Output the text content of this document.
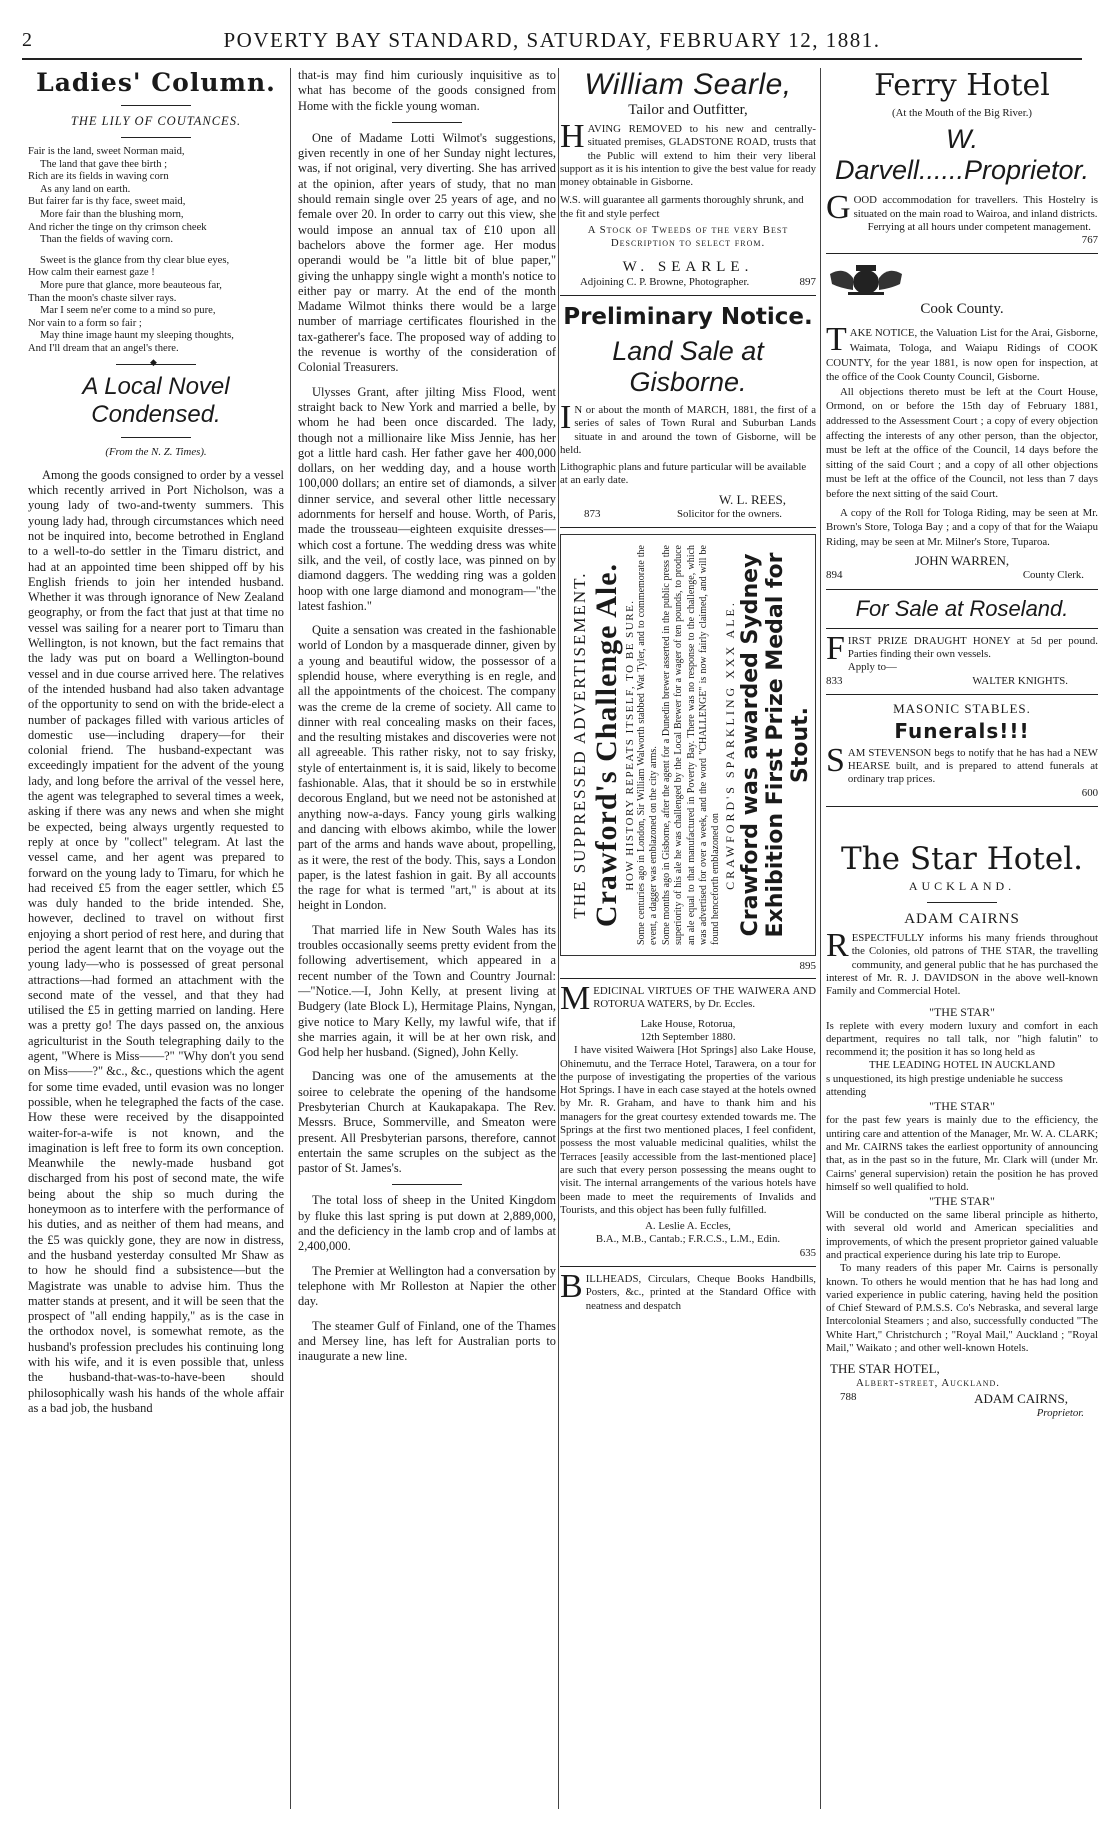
2	POVERTY BAY STANDARD, SATURDAY, FEBRUARY 12, 1881.
Ladies' Column.
THE LILY OF COUTANCES.

Fair is the land, sweet Norman maid,

The land that gave thee birth ;

Rich are its fields in waving corn

As any land on earth.

But fairer far is thy face, sweet maid,

More fair than the blushing morn,

And richer the tinge on thy crimson cheek

Than the fields of waving corn.

Sweet is the glance from thy clear blue eyes,

How calm their earnest gaze !

More pure that glance, more beauteous far,

Than the moon's chaste silver rays.

Mar I seem ne'er come to a mind so pure,

Nor vain to a form so fair ;

May thine image haunt my sleeping thoughts,

And I'll dream that an angel's there.

◆
A Local Novel Condensed.

(From the N. Z. Times).

Among the goods consigned to order by a vessel which recently arrived in Port Nicholson, was a young lady of two-and-twenty summers. This young lady had, through circumstances which need not be inquired into, become betrothed in England to a well-to-do settler in the Timaru district, and had at an appointed time been shipped off by his English friends to join her intended husband. Whether it was through ignorance of New Zealand geography, or from the fact that just at that time no vessel was sailing for a nearer port to Timaru than Wellington, is not known, but the fact remains that the lady was put on board a Wellington-bound vessel and in due course arrived here. The relatives of the intended husband had also taken advantage of the opportunity to send on with the bride-elect a number of packages filled with various articles of domestic use—including drapery—for their colonial friend. The husband-expectant was exceedingly impatient for the advent of the young lady, and long before the arrival of the vessel here, the agent was telegraphed to several times a week, asking if there was any news and when she might be expected, being always urgently requested to reply at once by "collect" telegram. At last the vessel came, and her agent was prepared to forward on the young lady to Timaru, for which he had received £5 from the eager settler, which £5 was duly handed to the bride intended. She, however, declined to travel on without first enjoying a short period of rest here, and during that period the agent learnt that on the voyage out the young lady—who is possessed of great personal attractions—had formed an attachment with the second mate of the vessel, and that they had utilised the £5 in getting married on landing. Here was a pretty go! The days passed on, the anxious agriculturist in the South telegraphing daily to the agent, "Where is Miss——?" "Why don't you send on Miss——?" &c., &c., questions which the agent for some time evaded, until evasion was no longer possible, when he telegraphed the facts of the case. How these were received by the disappointed waiter-for-a-wife is not known, and the imagination is left free to form its own conception. Meanwhile the newly-made husband got discharged from his post of second mate, the wife being about the ship so much during the honeymoon as to interfere with the performance of his duties, and as neither of them had means, and the £5 was quickly gone, they are now in distress, and the husband yesterday consulted Mr Shaw as to how he should find a subsistence—but the Magistrate was unable to advise him. Thus the matter stands at present, and it will be seen that the prospect of "all ending happily," as is the case in the orthodox novel, is somewhat remote, as the husband's profession precludes his continuing long with his wife, and it is even possible that, unless the husband-that-was-to-have-been should philosophically wash his hands of the whole affair as a bad job, the husband

that-is may find him curiously inquisitive as to what has become of the goods consigned from Home with the fickle young woman.

One of Madame Lotti Wilmot's suggestions, given recently in one of her Sunday night lectures, was, if not original, very diverting. She has arrived at the opinion, after years of study, that no man should remain single over 25 years of age, and no female over 20. In order to carry out this view, she would impose an annual tax of £10 upon all bachelors above the former age. Her modus operandi would be "a little bit of blue paper," giving the unhappy single wight a month's notice to either pay or marry. At the end of the month Madame Wilmot thinks there would be a large number of marriage certificates flourished in the tax-gatherer's face. The proposed way of adding to the revenue is worthy of the consideration of Colonial Treasurers.

Ulysses Grant, after jilting Miss Flood, went straight back to New York and married a belle, by whom he had been once discarded. The lady, though not a millionaire like Miss Jennie, has her got a little hard cash. Her father gave her 400,000 dollars, on her wedding day, and a house worth 100,000 dollars; an entire set of diamonds, a silver dinner service, and several other little necessary adornments for herself and house. Worth, of Paris, made the trousseau—eighteen exquisite dresses—which cost a fortune. The wedding dress was white silk, and the veil, of costly lace, was pinned on by diamond daggers. The wedding ring was a golden hoop with one large diamond and monogram—"the latest fashion."

Quite a sensation was created in the fashionable world of London by a masquerade dinner, given by a young and beautiful widow, the possessor of a splendid house, where everything is en regle, and all the appointments of the choicest. The company was the creme de la creme of society. All came to dinner with real concealing masks on their faces, and the resulting mistakes and discoveries were not all agreeable. This rather risky, not to say frisky, style of entertainment is, it is said, likely to become fashionable. Alas, that it should be so in erstwhile decorous England, but we need not be astonished at anything now-a-days. Fancy young girls walking and dancing with elbows akimbo, while the lower part of the arms and hands wave about, propelling, as it were, the rest of the body. This, says a London paper, is the latest fashion in gait. By all accounts the rage for what is termed "art," is about at its height in London.

That married life in New South Wales has its troubles occasionally seems pretty evident from the following advertisement, which appeared in a recent number of the Town and Country Journal:—"Notice.—I, John Kelly, at present living at Budgery (late Block L), Hermitage Plains, Nyngan, give notice to Mary Kelly, my lawful wife, that if she marries again, it will be at her own risk, and God help her husband. (Signed), John Kelly.

Dancing was one of the amusements at the soiree to celebrate the opening of the handsome Presbyterian Church at Kaukapakapa. The Rev. Messrs. Bruce, Sommerville, and Smeaton were present. All Presbyterian parsons, therefore, cannot entertain the same scruples on the subject as the pastor of St. James's.

The total loss of sheep in the United Kingdom by fluke this last spring is put down at 2,889,000, and the deficiency in the lamb crop and of lambs at 2,400,000.

The Premier at Wellington had a conversation by telephone with Mr Rolleston at Napier the other day.

The steamer Gulf of Finland, one of the Thames and Mersey line, has left for Australian ports to inaugurate a new line.

William Searle,

Tailor and Outfitter,

HAVING REMOVED to his new and centrally-situated premises, GLADSTONE ROAD, trusts that the Public will extend to him their very liberal support as it is his intention to give the best value for ready money obtainable in Gisborne.

W.S. will guarantee all garments thoroughly shrunk, and the fit and style perfect

A Stock of Tweeds of the very Best Description to select from.

W. SEARLE.

Adjoining C. P. Browne, Photographer.	897
Preliminary Notice.
Land Sale at Gisborne.

IN or about the month of MARCH, 1881, the first of a series of sales of Town Rural and Suburban Lands situate in and around the town of Gisborne, will be held.

Lithographic plans and future particular will be available at an early date.

W. L. REES,

873	Solicitor for the owners.
THE SUPPRESSED ADVERTISEMENT. Crawford's Challenge Ale. HOW HISTORY REPEATS ITSELF, TO BE SURE. Some centuries ago in London, Sir William Walworth stabbed Wat Tyler, and to commemorate the event, a dagger was emblazoned on the city arms. Some months ago in Gisborne, after the agent for a Dunedin brewer asserted in the public press the superiority of his ale he was challenged by the Local Brewer for a wager of ten pounds, to produce an ale equal to that manufactured in Poverty Bay. There was no response to the challenge, which was advertised for over a week, and the word "CHALLENGE" is now fairly claimed, and will be found henceforth emblazoned on CRAWFORD'S SPARKLING XXX ALE. Crawford was awarded Sydney Exhibition First Prize Medal for Stout.
895

MEDICINAL VIRTUES OF THE WAIWERA AND ROTORUA WATERS, by Dr. Eccles.

Lake House, Rotorua,

12th September 1880.

I have visited Waiwera [Hot Springs] also Lake House, Ohinemutu, and the Terrace Hotel, Tarawera, on a tour for the purpose of investigating the properties of the various Hot Springs. I have in each case stayed at the hotels owned by Mr. R. Graham, and have to thank him and his managers for the great courtesy extended towards me. The Springs at the first two mentioned places, I feel confident, possess the most valuable medicinal qualities, whilst the Terraces [easily accessible from the last-mentioned place] are such that every person possessing the means ought to visit. The internal arrangements of the various hotels have been made to meet the requirements of Invalids and Tourists, and this object has been fully fulfilled.

A. Leslie A. Eccles,

B.A., M.B., Cantab.; F.R.C.S., L.M., Edin.

635

BILLHEADS, Circulars, Cheque Books Handbills, Posters, &c., printed at the Standard Office with neatness and despatch

Ferry Hotel

(At the Mouth of the Big River.)

W. Darvell......Proprietor.

GOOD accommodation for travellers. This Hostelry is situated on the main road to Wairoa, and inland districts.

Ferrying at all hours under competent management.

767

Cook County.

TAKE NOTICE, the Valuation List for the Arai, Gisborne, Waimata, Tologa, and Waiapu Ridings of COOK COUNTY, for the year 1881, is now open for inspection, at the office of the Cook County Council, Gisborne.

All objections thereto must be left at the Court House, Ormond, on or before the 15th day of February 1881, addressed to the Assessment Court ; a copy of every objection affecting the interests of any other person, than the objector, must be left at the office of the Council, 14 days before the sitting of the said Court ; and a copy of all other objections must be left at the office of the Council, not less than 7 days before the next sitting of the said Court.

A copy of the Roll for Tologa Riding, may be seen at Mr. Brown's Store, Tologa Bay ; and a copy of that for the Waiapu Riding, may be seen at Mr. Milner's Store, Tuparoa.

JOHN WARREN,

894	County Clerk.
For Sale at Roseland.

FIRST PRIZE DRAUGHT HONEY at 5d per pound. Parties finding their own vessels.

Apply to—

833	WALTER KNIGHTS.

MASONIC STABLES.

Funerals!!!

SAM STEVENSON begs to notify that he has had a NEW HEARSE built, and is prepared to attend funerals at ordinary trap prices.

600

The Star Hotel.

AUCKLAND.

ADAM CAIRNS

RESPECTFULLY informs his many friends throughout the Colonies, old patrons of THE STAR, the travelling community, and general public that he has purchased the interest of Mr. R. J. DAVIDSON in the above well-known Family and Commercial Hotel.

"THE STAR"

Is replete with every modern luxury and comfort in each department, requires no tall talk, nor "high falutin" to recommend it; the position it has so long held as

THE LEADING HOTEL IN AUCKLAND

s unquestioned, its high prestige undeniable he success attending

"THE STAR"

for the past few years is mainly due to the efficiency, the untiring care and attention of the Manager, Mr. W. A. CLARK; and Mr. CAIRNS takes the earliest opportunity of announcing that, as in the past so in the future, Mr. Clark will (under Mr. Cairns' general supervision) retain the position he has proved himself so well qualified to hold.

"THE STAR"

Will be conducted on the same liberal principle as hitherto, with several old world and American specialities and improvements, of which the present proprietor gained valuable and practical experience during his late trip to Europe.

To many readers of this paper Mr. Cairns is personally known. To others he would mention that he has had long and varied experience in public catering, having held the position of Chief Steward of P.M.S.S. Co's Nebraska, and several large Intercolonial Steamers ; and also, successfully conducted "The White Hart," Christchurch ; "Royal Mail," Auckland ; "Royal Mail," Waikato ; and other well-known Hotels.

THE STAR HOTEL,

Albert-street, Auckland.

788	ADAM CAIRNS,

Proprietor.
